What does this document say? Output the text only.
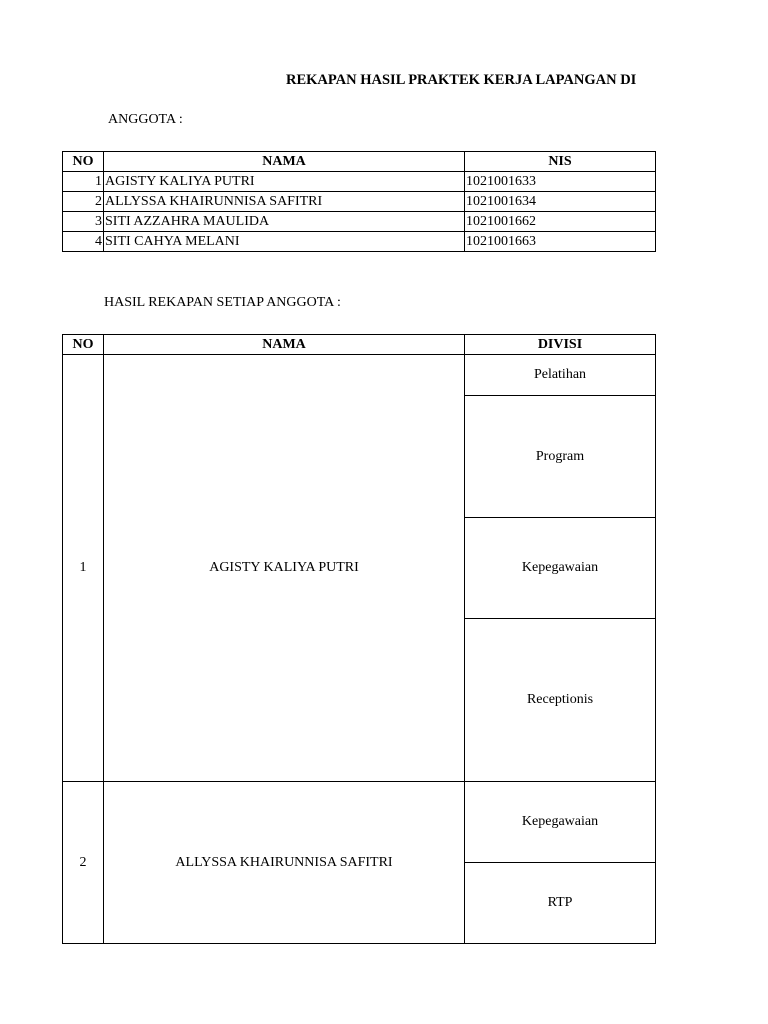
REKAPAN HASIL PRAKTEK KERJA LAPANGAN DI
ANGGOTA :
NO	NAMA	NIS
1	AGISTY KALIYA PUTRI	1021001633
2	ALLYSSA KHAIRUNNISA SAFITRI	1021001634
3	SITI AZZAHRA MAULIDA	1021001662
4	SITI CAHYA MELANI	1021001663
HASIL REKAPAN SETIAP ANGGOTA :
NO	NAMA	DIVISI
1	AGISTY KALIYA PUTRI	Pelatihan
		Program
		Kepegawaian
		Receptionis
2	ALLYSSA KHAIRUNNISA SAFITRI	Kepegawaian
		RTP
